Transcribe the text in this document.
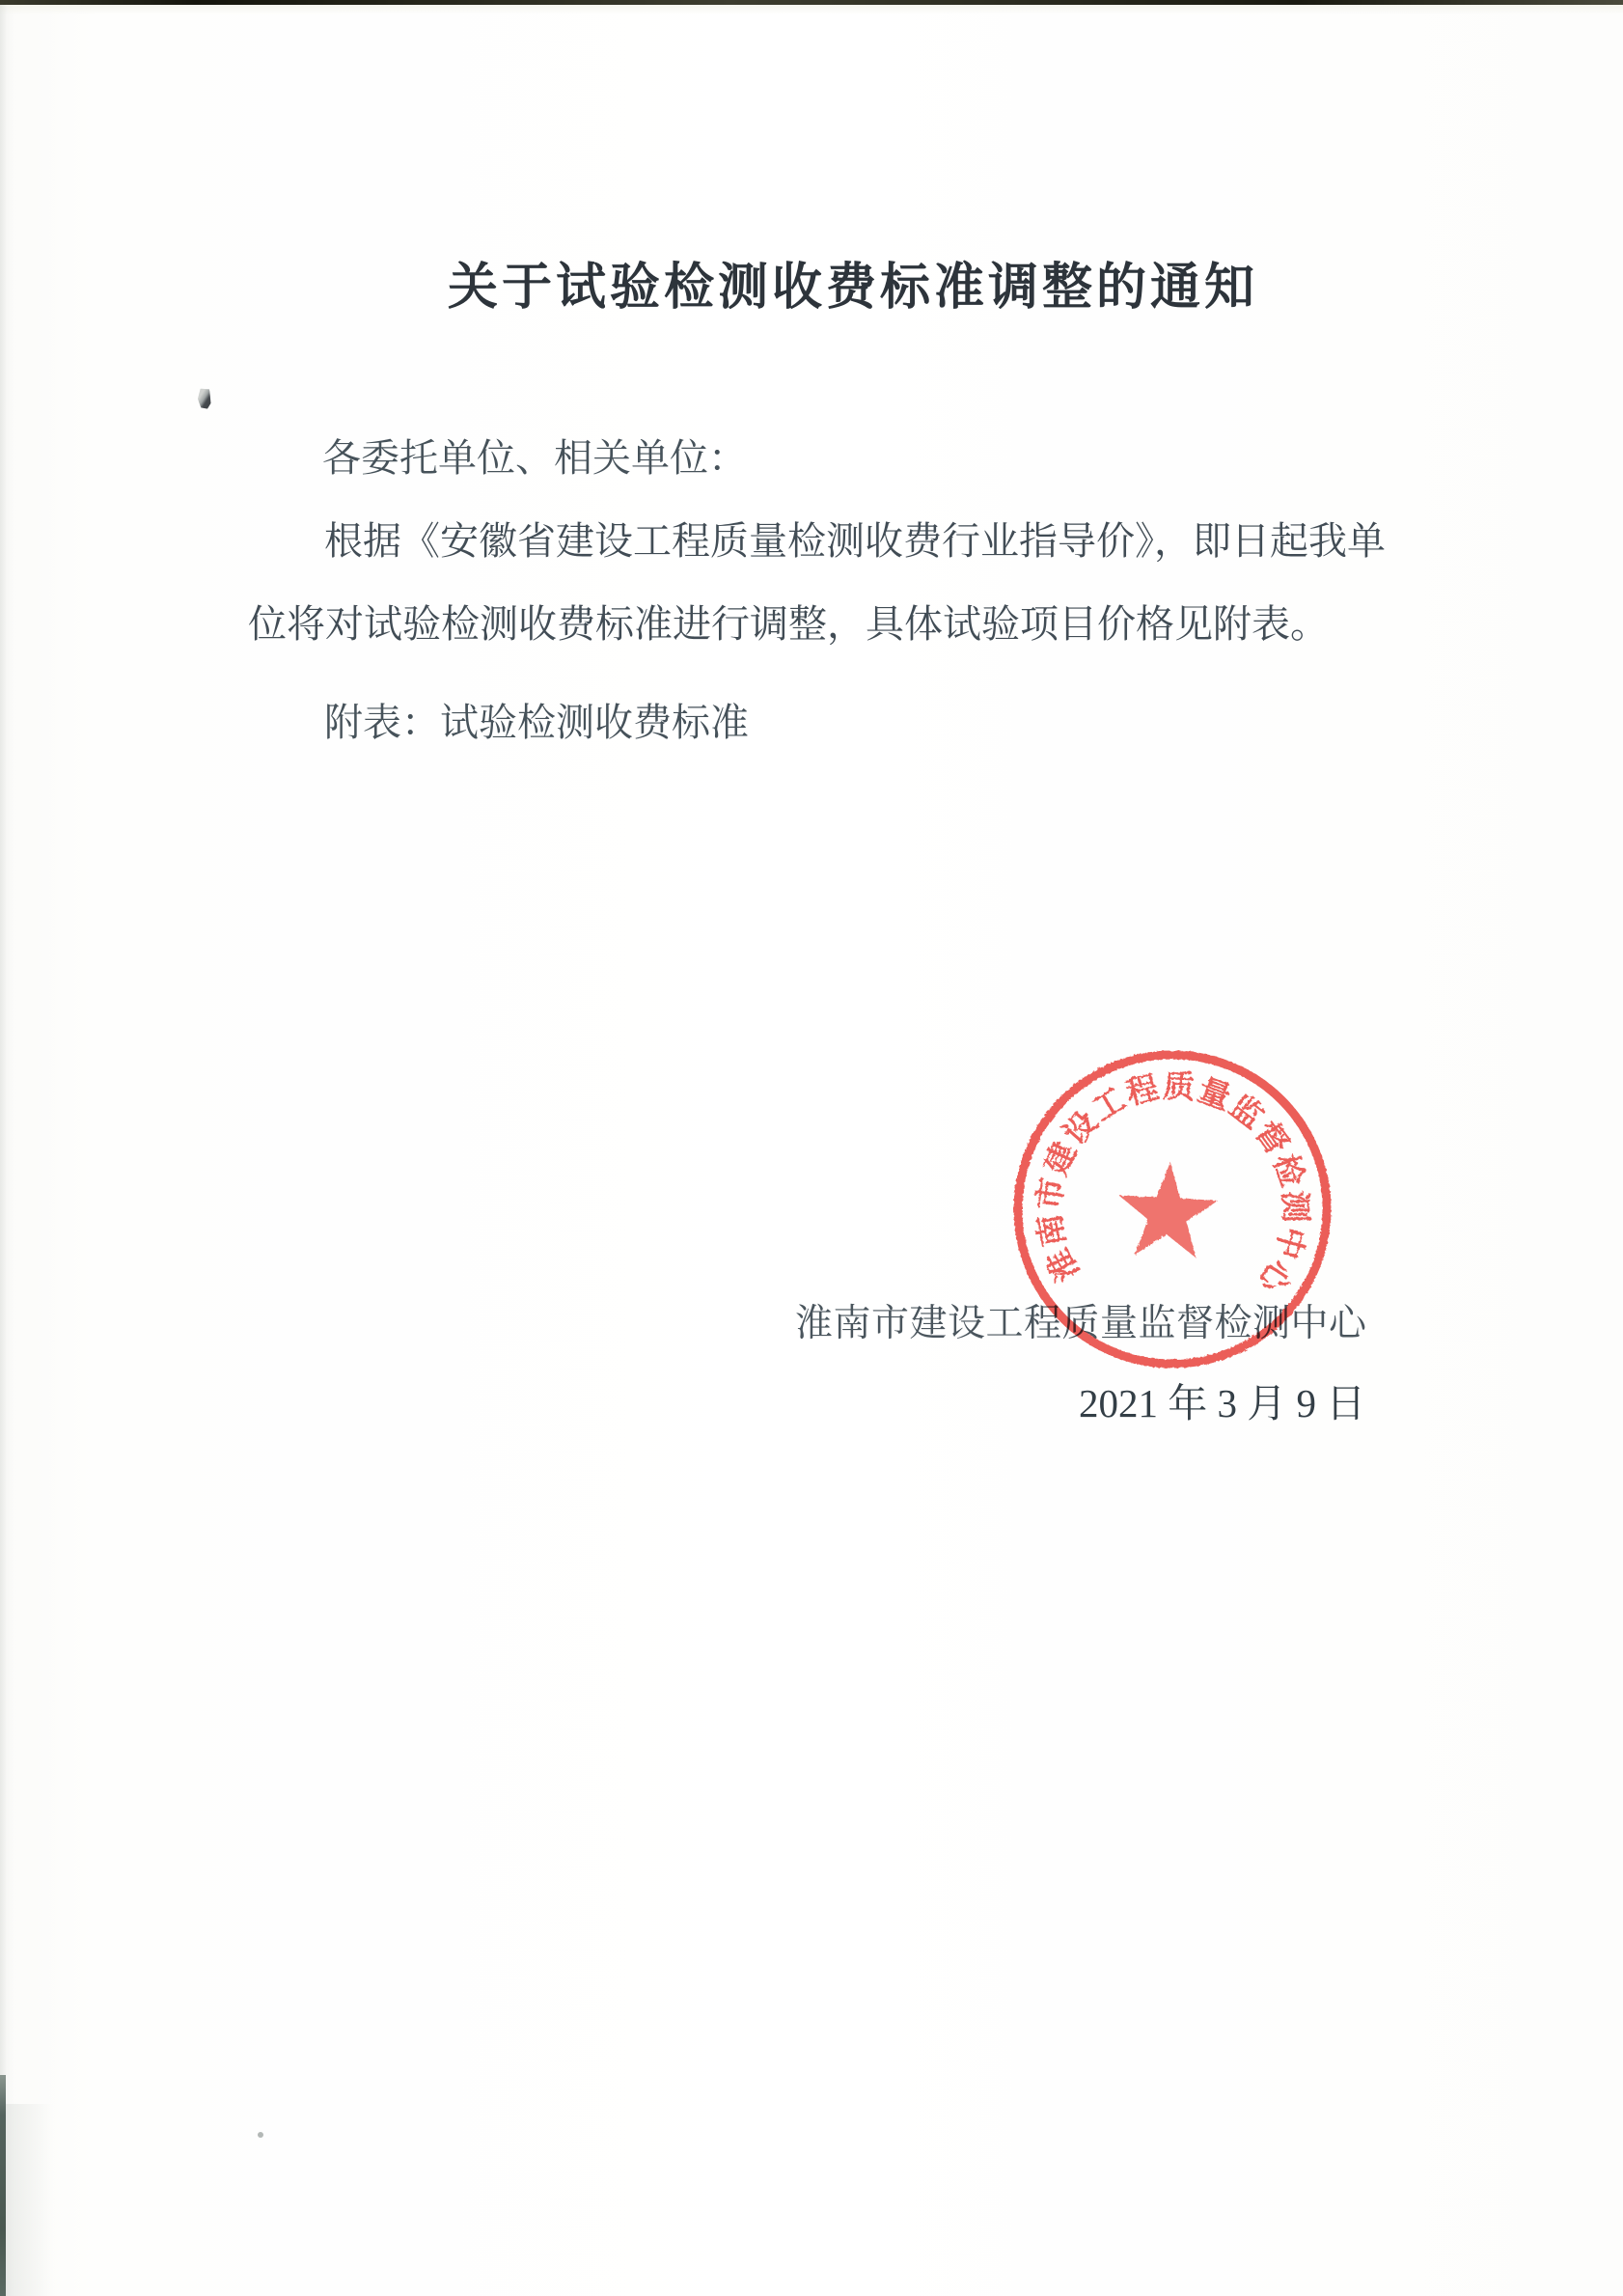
关于试验检测收费标准调整的通知
各委托单位、相关单位：
根据《安徽省建设工程质量检测收费行业指导价》，即日起我单
位将对试验检测收费标准进行调整，具体试验项目价格见附表。
附表：试验检测收费标准
淮南市建设工程质量监督检测中心
2021 年 3 月 9 日
淮
南
市
建
设
工
程 质
量
监
督
检
测
中
心
